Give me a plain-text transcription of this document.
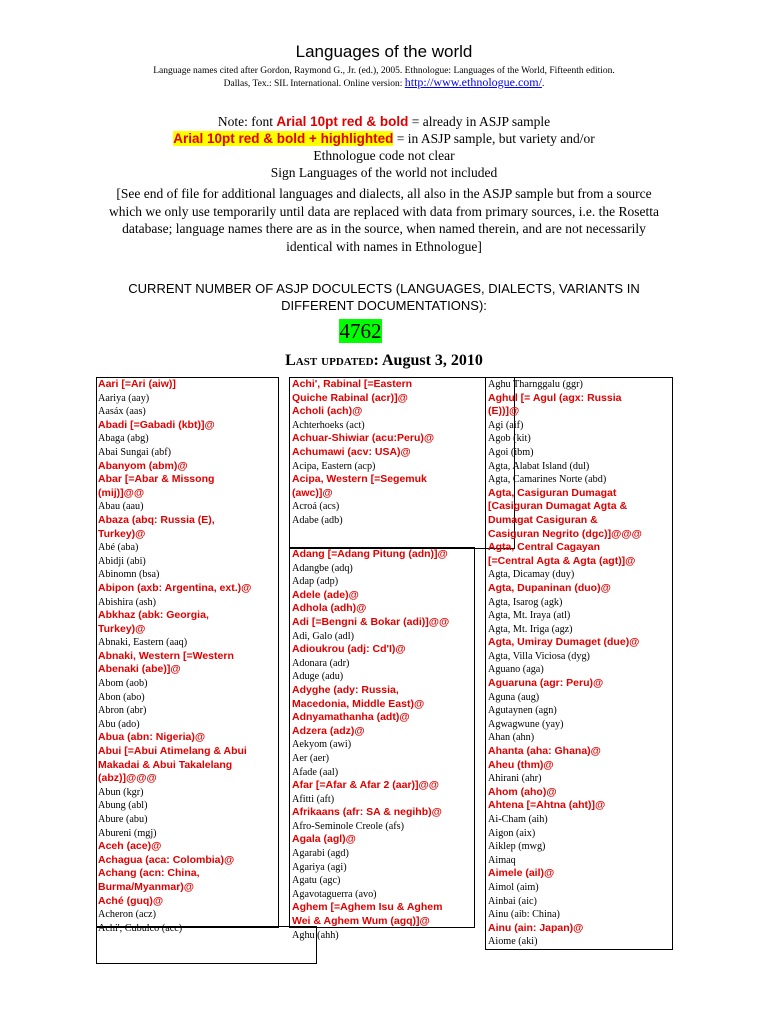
Languages of the world
Language names cited after Gordon, Raymond G., Jr. (ed.), 2005. Ethnologue: Languages of the World, Fifteenth edition.
Dallas, Tex.: SIL International. Online version: http://www.ethnologue.com/.
Note: font Arial 10pt red & bold = already in ASJP sample
Arial 10pt red & bold + highlighted = in ASJP sample, but variety and/or
Ethnologue code not clear
Sign Languages of the world not included
[See end of file for additional languages and dialects, all also in the ASJP sample but from a source which we only use temporarily until data are replaced with data from primary sources, i.e. the Rosetta database; language names there are as in the source, when named therein, and are not necessarily identical with names in Ethnologue]
CURRENT NUMBER OF ASJP DOCULECTS (LANGUAGES, DIALECTS, VARIANTS IN DIFFERENT DOCUMENTATIONS):
4762
Last updated: August 3, 2010
Aari [=Ari (aiw)]
Aariya (aay)
Aasáx (aas)
Abadi [=Gabadi (kbt)]@
Abaga (abg)
Abai Sungai (abf)
Abanyom (abm)@
Abar [=Abar & Missong
(mij)]@@
Abau (aau)
Abaza (abq: Russia (E),
Turkey)@
Abé (aba)
Abidji (abi)
Abinomn (bsa)
Abipon (axb: Argentina, ext.)@
Abishira (ash)
Abkhaz (abk: Georgia,
Turkey)@
Abnaki, Eastern (aaq)
Abnaki, Western [=Western
Abenaki (abe)]@
Abom (aob)
Abon (abo)
Abron (abr)
Abu (ado)
Abua (abn: Nigeria)@
Abui [=Abui Atimelang & Abui
Makadai & Abui Takalelang
(abz)]@@@
Abun (kgr)
Abung (abl)
Abure (abu)
Abureni (mgj)
Aceh (ace)@
Achagua (aca: Colombia)@
Achang (acn: China,
Burma/Myanmar)@
Aché (guq)@
Acheron (acz)
Achi', Cubulco (acc)
Achi', Rabinal [=Eastern
Quiche Rabinal (acr)]@
Acholi (ach)@
Achterhoeks (act)
Achuar-Shiwiar (acu:Peru)@
Achumawi (acv: USA)@
Acipa, Eastern (acp)
Acipa, Western [=Segemuk
(awc)]@
Acroá (acs)
Adabe (adb)
Adang [=Adang Pitung (adn)]@
Adangbe (adq)
Adap (adp)
Adele (ade)@
Adhola (adh)@
Adi [=Bengni & Bokar (adi)]@@
Adi, Galo (adl)
Adioukrou (adj: Cd'I)@
Adonara (adr)
Aduge (adu)
Adyghe (ady: Russia,
Macedonia, Middle East)@
Adnyamathanha (adt)@
Adzera (adz)@
Aekyom (awi)
Aer (aer)
Afade (aal)
Afar [=Afar & Afar 2 (aar)]@@
Afitti (aft)
Afrikaans (afr: SA & negihb)@
Afro-Seminole Creole (afs)
Agala (agl)@
Agarabi (agd)
Agariya (agi)
Agatu (agc)
Agavotaguerra (avo)
Aghem [=Aghem Isu & Aghem
Wei & Aghem Wum (agq)]@
Aghu (ahh)
Aghu Tharnggalu (ggr)
Aghul [= Agul (agx: Russia
(E))]@
Agi (aif)
Agob (kit)
Agoi (ibm)
Agta, Alabat Island (dul)
Agta, Camarines Norte (abd)
Agta, Casiguran Dumagat
[Casiguran Dumagat Agta &
Dumagat Casiguran &
Casiguran Negrito (dgc)]@@@
Agta, Central Cagayan
[=Central Agta & Agta (agt)]@
Agta, Dicamay (duy)
Agta, Dupaninan (duo)@
Agta, Isarog (agk)
Agta, Mt. Iraya (atl)
Agta, Mt. Iriga (agz)
Agta, Umiray Dumaget (due)@
Agta, Villa Viciosa (dyg)
Aguano (aga)
Aguaruna (agr: Peru)@
Aguna (aug)
Agutaynen (agn)
Agwagwune (yay)
Ahan (ahn)
Ahanta (aha: Ghana)@
Aheu (thm)@
Ahirani (ahr)
Ahom (aho)@
Ahtena [=Ahtna (aht)]@
Ai-Cham (aih)
Aigon (aix)
Aiklep (mwg)
Aimaq
Aimele (ail)@
Aimol (aim)
Ainbai (aic)
Ainu (aib: China)
Ainu (ain: Japan)@
Aiome (aki)
